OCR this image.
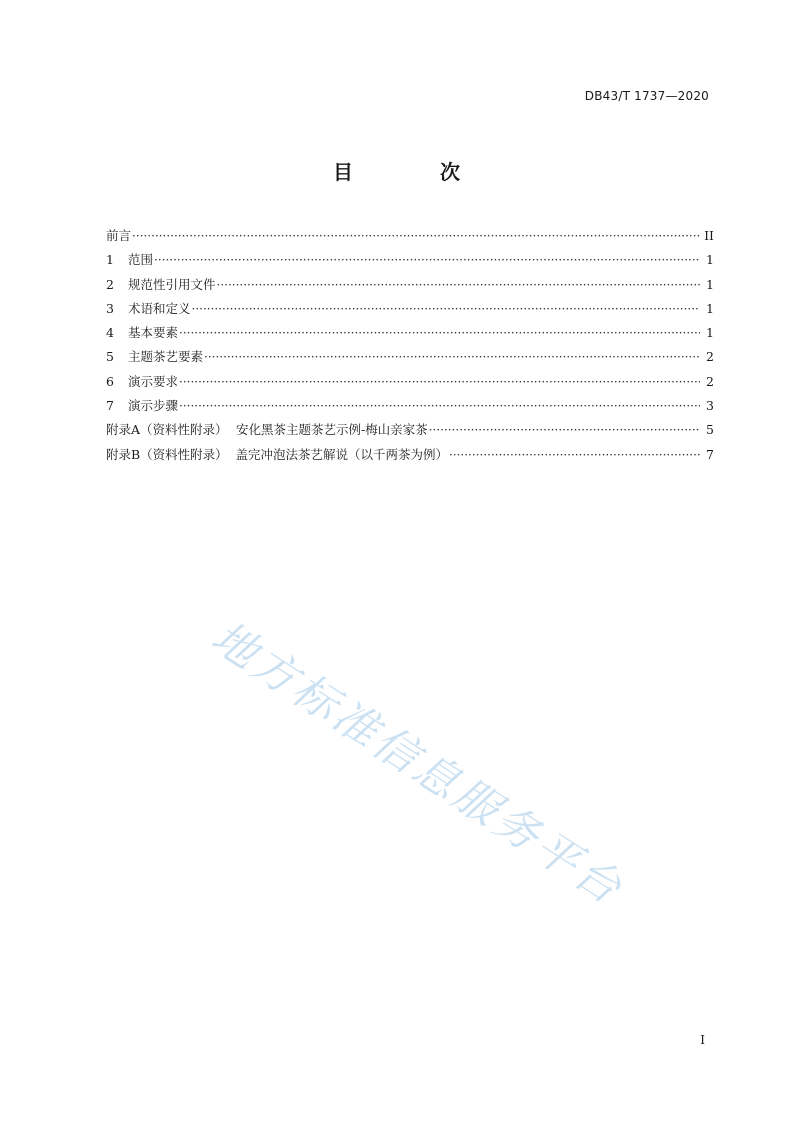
DB43/T 1737—2020
目 次
前言 ·····	II
1	范围 ·····	1
2	规范性引用文件 ·····	1
3	术语和定义 ·····	1
4	基本要素 ·····	1
5	主题茶艺要素 ·····	2
6	演示要求 ·····	2
7	演示步骤 ·····	3
附录A（资料性附录） 安化黑茶主题茶艺示例-梅山亲家茶 ·····	5
附录B（资料性附录） 盖完冲泡法茶艺解说（以千两茶为例） ·····	7
地方标准信息服务平台
I
